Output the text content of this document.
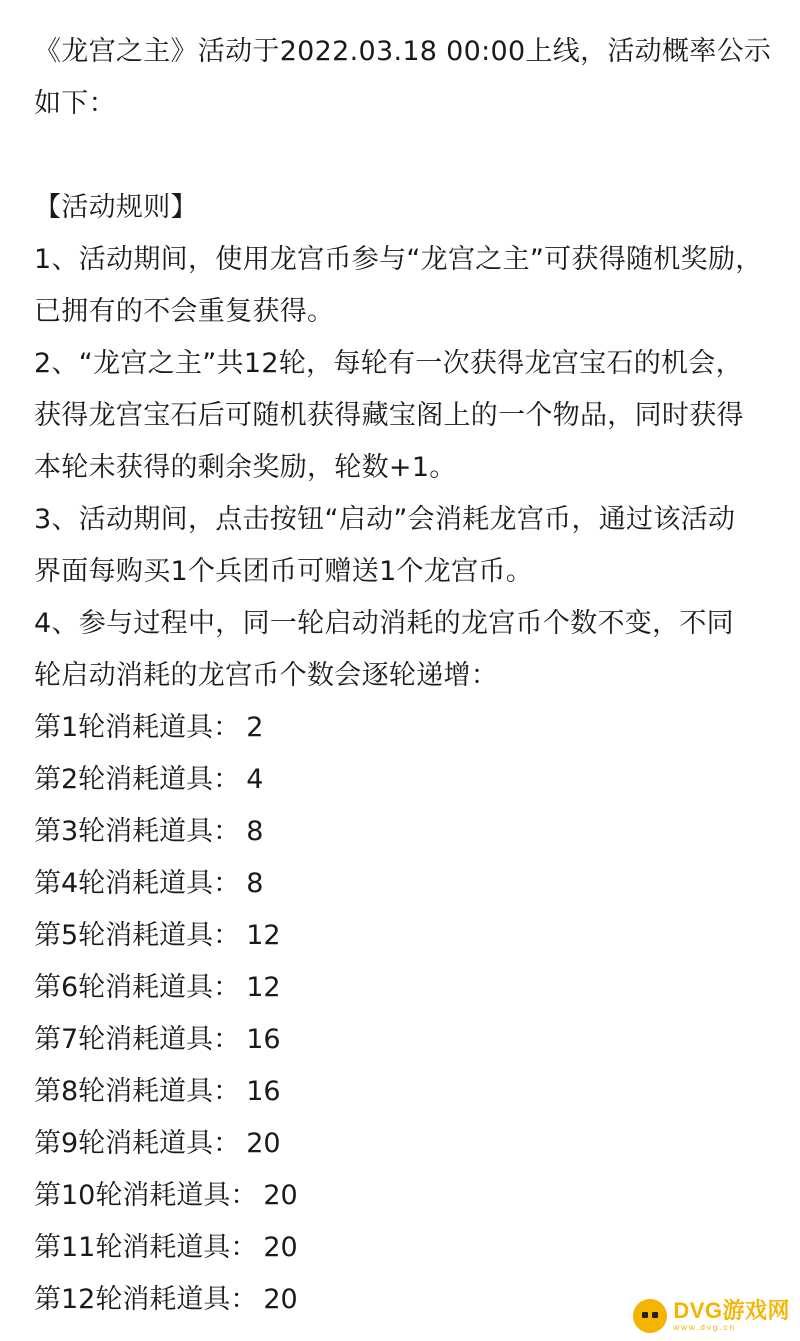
《龙宫之主》活动于2022.03.18 00:00上线，活动概率公示
如下：
【活动规则】
1、活动期间，使用龙宫币参与“龙宫之主”可获得随机奖励，
已拥有的不会重复获得。
2、“龙宫之主”共12轮，每轮有一次获得龙宫宝石的机会，
获得龙宫宝石后可随机获得藏宝阁上的一个物品，同时获得
本轮未获得的剩余奖励，轮数+1。
3、活动期间，点击按钮“启动”会消耗龙宫币，通过该活动
界面每购买1个兵团币可赠送1个龙宫币。
4、参与过程中，同一轮启动消耗的龙宫币个数不变，不同
轮启动消耗的龙宫币个数会逐轮递增：
第1轮消耗道具： 2
第2轮消耗道具： 4
第3轮消耗道具： 8
第4轮消耗道具： 8
第5轮消耗道具： 12
第6轮消耗道具： 12
第7轮消耗道具： 16
第8轮消耗道具： 16
第9轮消耗道具： 20
第10轮消耗道具： 20
第11轮消耗道具： 20
第12轮消耗道具： 20	DVG游戏网
www.dvg.cn
